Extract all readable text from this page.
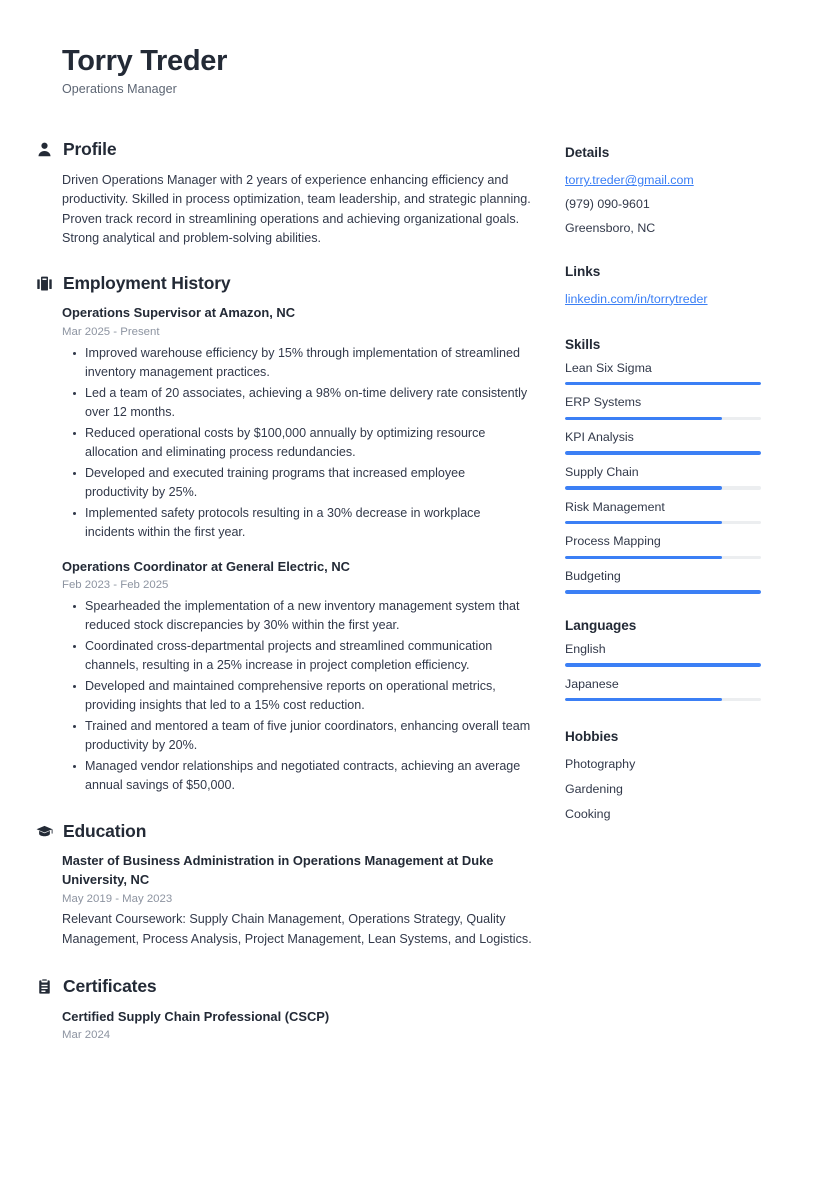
Torry Treder

Operations Manager

Profile

Driven Operations Manager with 2 years of experience enhancing efficiency and productivity. Skilled in process optimization, team leadership, and strategic planning. Proven track record in streamlining operations and achieving organizational goals. Strong analytical and problem-solving abilities.

Employment History
Operations Supervisor at Amazon, NC
Mar 2025 - Present
Improved warehouse efficiency by 15% through implementation of streamlined inventory management practices.
Led a team of 20 associates, achieving a 98% on-time delivery rate consistently over 12 months.
Reduced operational costs by $100,000 annually by optimizing resource allocation and eliminating process redundancies.
Developed and executed training programs that increased employee productivity by 25%.
Implemented safety protocols resulting in a 30% decrease in workplace incidents within the first year.
Operations Coordinator at General Electric, NC
Feb 2023 - Feb 2025
Spearheaded the implementation of a new inventory management system that reduced stock discrepancies by 30% within the first year.
Coordinated cross-departmental projects and streamlined communication channels, resulting in a 25% increase in project completion efficiency.
Developed and maintained comprehensive reports on operational metrics, providing insights that led to a 15% cost reduction.
Trained and mentored a team of five junior coordinators, enhancing overall team productivity by 20%.
Managed vendor relationships and negotiated contracts, achieving an average annual savings of $50,000.
Education
Master of Business Administration in Operations Management at Duke University, NC
May 2019 - May 2023

Relevant Coursework: Supply Chain Management, Operations Strategy, Quality Management, Process Analysis, Project Management, Lean Systems, and Logistics.

Certificates
Certified Supply Chain Professional (CSCP)
Mar 2024
Details
torry.treder@gmail.com
(979) 090-9601
Greensboro, NC
Links
linkedin.com/in/torrytreder
Skills
Lean Six Sigma
ERP Systems
KPI Analysis
Supply Chain
Risk Management
Process Mapping
Budgeting
Languages
English
Japanese
Hobbies
Photography
Gardening
Cooking
